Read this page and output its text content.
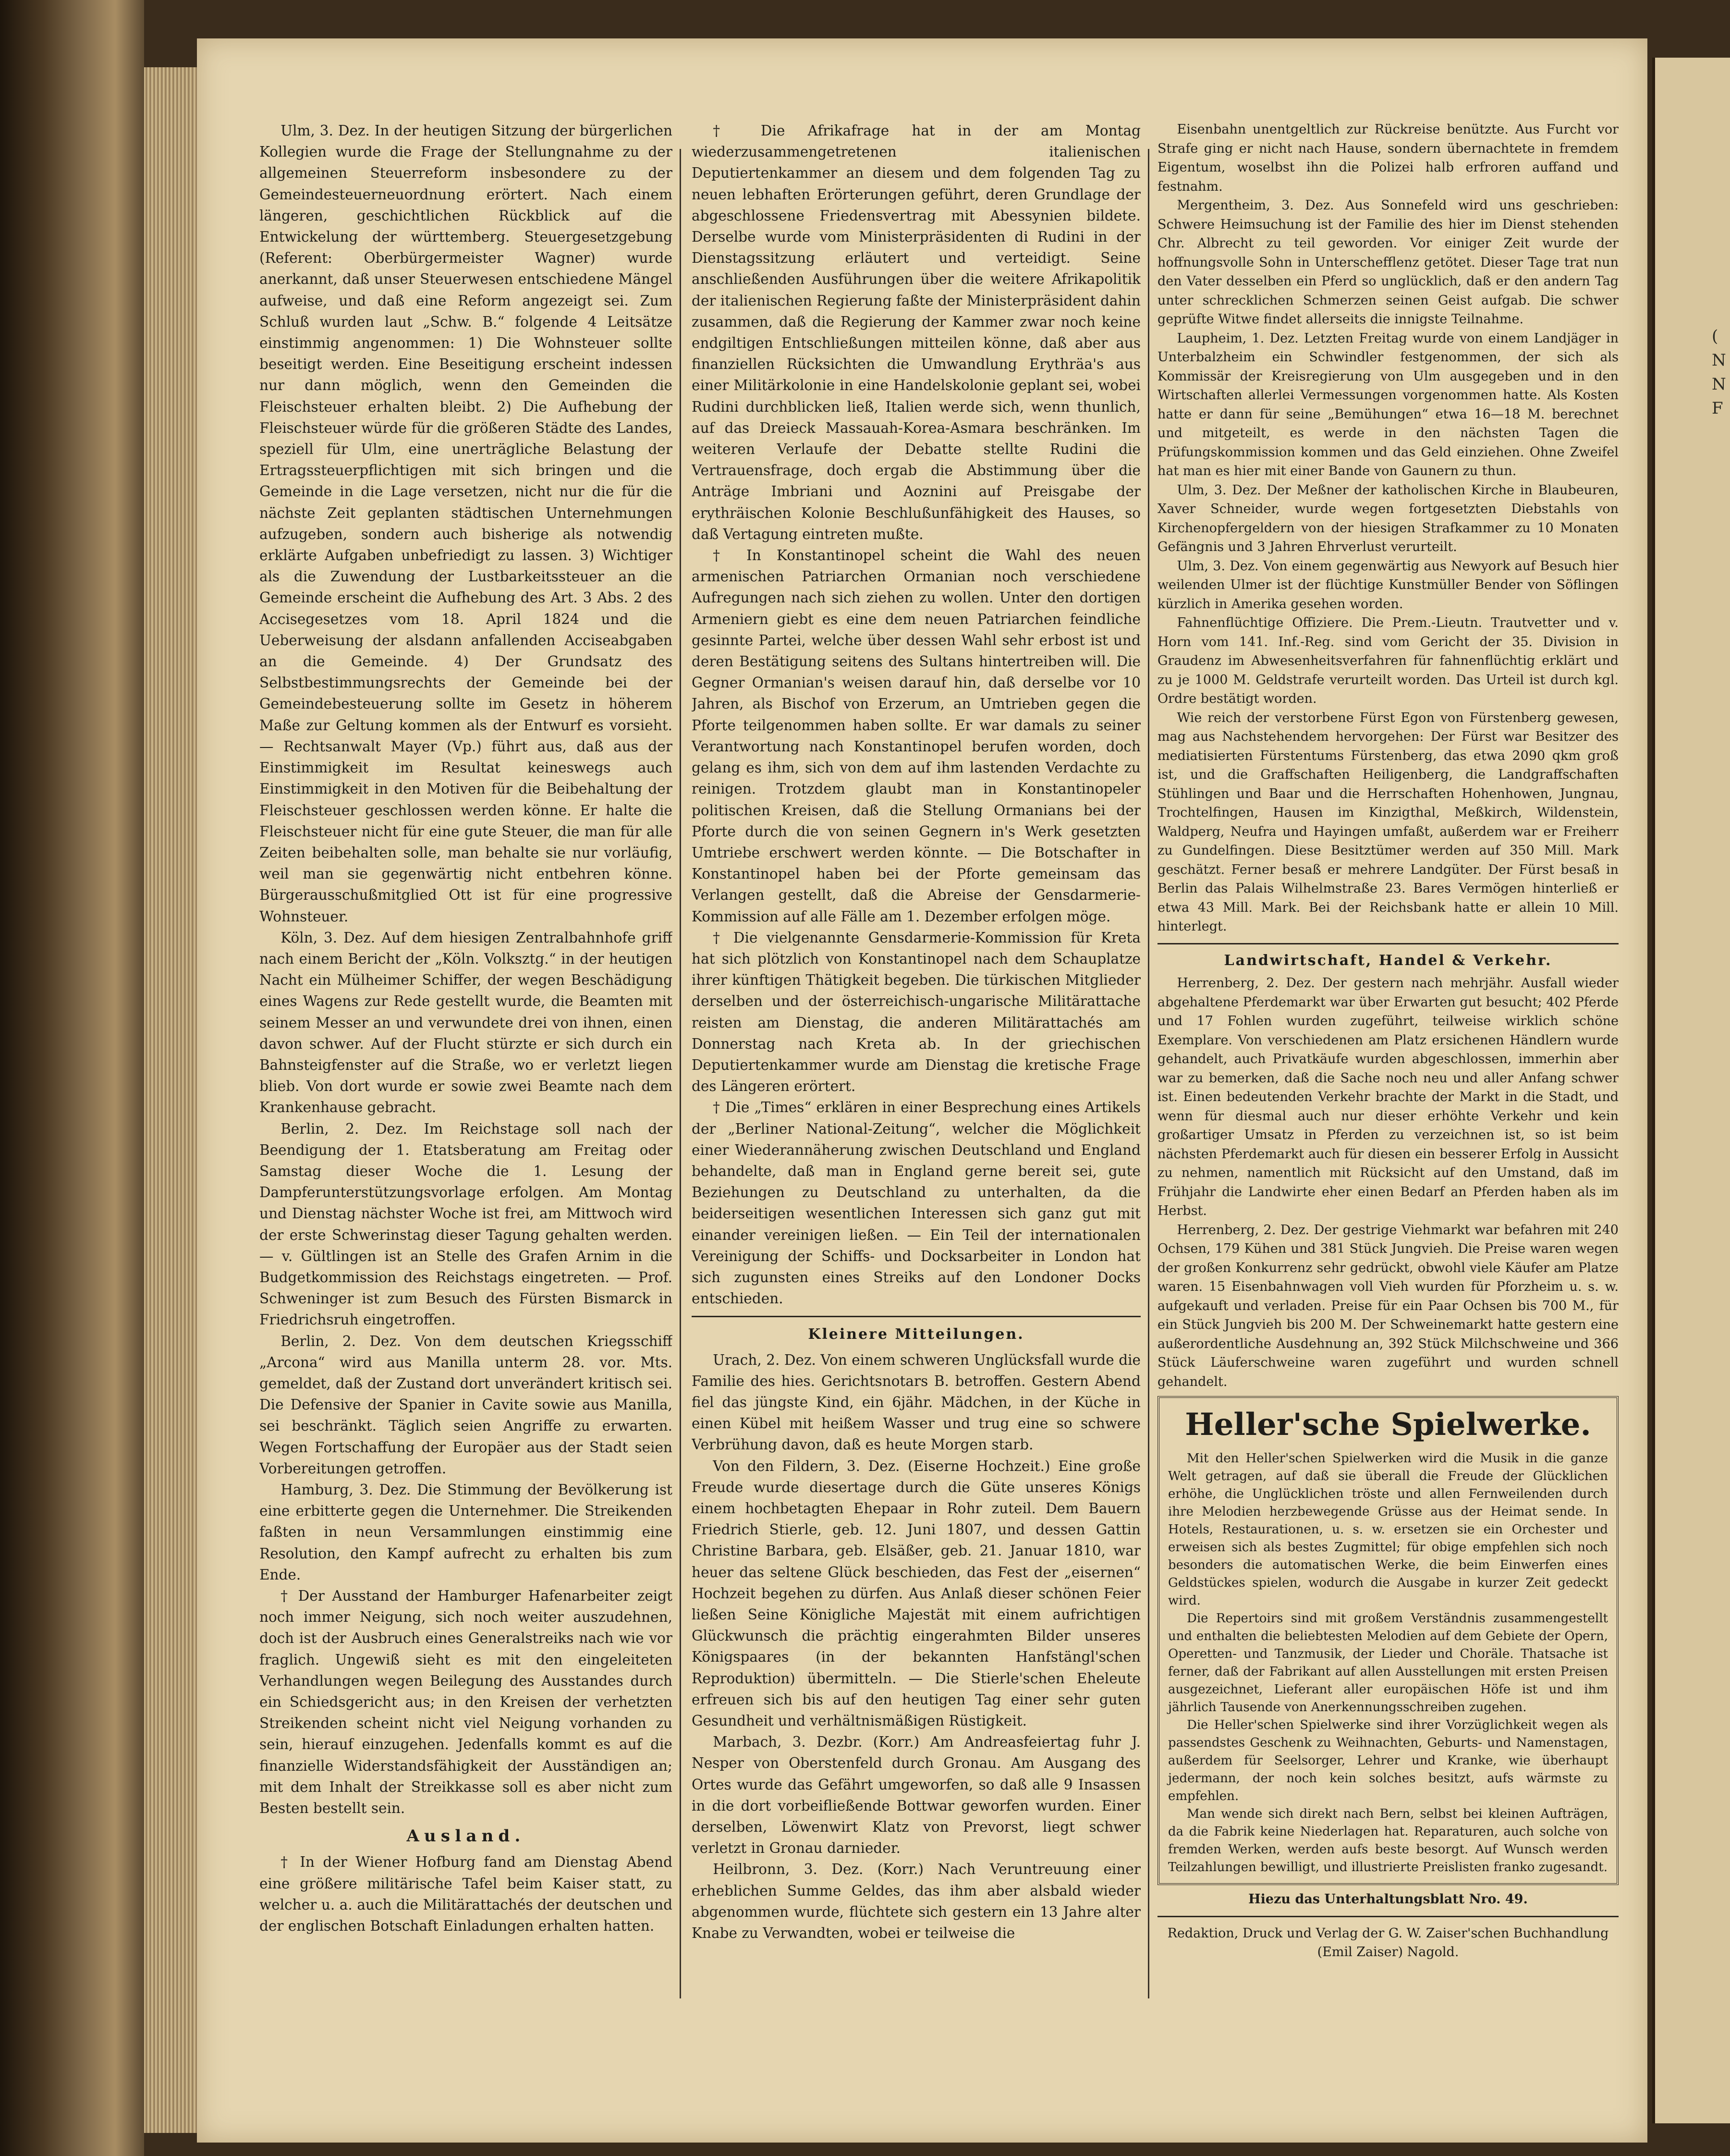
Ulm, 3. Dez. In der heutigen Sitzung der bürgerlichen Kollegien wurde die Frage der Stellungnahme zu der allgemeinen Steuerreform insbesondere zu der Gemeindesteuerneuordnung erörtert. Nach einem längeren, geschichtlichen Rückblick auf die Entwickelung der württemberg. Steuergesetzgebung (Referent: Oberbürgermeister Wagner) wurde anerkannt, daß unser Steuerwesen entschiedene Mängel aufweise, und daß eine Reform angezeigt sei. Zum Schluß wurden laut „Schw. B.“ folgende 4 Leitsätze einstimmig angenommen: 1) Die Wohnsteuer sollte beseitigt werden. Eine Beseitigung erscheint indessen nur dann möglich, wenn den Gemeinden die Fleischsteuer erhalten bleibt. 2) Die Aufhebung der Fleischsteuer würde für die größeren Städte des Landes, speziell für Ulm, eine unerträgliche Belastung der Ertragssteuerpflichtigen mit sich bringen und die Gemeinde in die Lage versetzen, nicht nur die für die nächste Zeit geplanten städtischen Unternehmungen aufzugeben, sondern auch bisherige als notwendig erklärte Aufgaben unbefriedigt zu lassen. 3) Wichtiger als die Zuwendung der Lustbarkeitssteuer an die Gemeinde erscheint die Aufhebung des Art. 3 Abs. 2 des Accisegesetzes vom 18. April 1824 und die Ueberweisung der alsdann anfallenden Acciseabgaben an die Gemeinde. 4) Der Grundsatz des Selbstbestimmungsrechts der Gemeinde bei der Gemeindebesteuerung sollte im Gesetz in höherem Maße zur Geltung kommen als der Entwurf es vorsieht. — Rechtsanwalt Mayer (Vp.) führt aus, daß aus der Einstimmigkeit im Resultat keineswegs auch Einstimmigkeit in den Motiven für die Beibehaltung der Fleischsteuer geschlossen werden könne. Er halte die Fleischsteuer nicht für eine gute Steuer, die man für alle Zeiten beibehalten solle, man behalte sie nur vorläufig, weil man sie gegenwärtig nicht entbehren könne. Bürgerausschußmitglied Ott ist für eine progressive Wohnsteuer.

Köln, 3. Dez. Auf dem hiesigen Zentralbahnhofe griff nach einem Bericht der „Köln. Volksztg.“ in der heutigen Nacht ein Mülheimer Schiffer, der wegen Beschädigung eines Wagens zur Rede gestellt wurde, die Beamten mit seinem Messer an und verwundete drei von ihnen, einen davon schwer. Auf der Flucht stürzte er sich durch ein Bahnsteigfenster auf die Straße, wo er verletzt liegen blieb. Von dort wurde er sowie zwei Beamte nach dem Krankenhause gebracht.

Berlin, 2. Dez. Im Reichstage soll nach der Beendigung der 1. Etatsberatung am Freitag oder Samstag dieser Woche die 1. Lesung der Dampferunterstützungsvorlage erfolgen. Am Montag und Dienstag nächster Woche ist frei, am Mittwoch wird der erste Schwerinstag dieser Tagung gehalten werden. — v. Gültlingen ist an Stelle des Grafen Arnim in die Budgetkommission des Reichstags eingetreten. — Prof. Schweninger ist zum Besuch des Fürsten Bismarck in Friedrichsruh eingetroffen.

Berlin, 2. Dez. Von dem deutschen Kriegsschiff „Arcona“ wird aus Manilla unterm 28. vor. Mts. gemeldet, daß der Zustand dort unverändert kritisch sei. Die Defensive der Spanier in Cavite sowie aus Manilla, sei beschränkt. Täglich seien Angriffe zu erwarten. Wegen Fortschaffung der Europäer aus der Stadt seien Vorbereitungen getroffen.

Hamburg, 3. Dez. Die Stimmung der Bevölkerung ist eine erbitterte gegen die Unternehmer. Die Streikenden faßten in neun Versammlungen einstimmig eine Resolution, den Kampf aufrecht zu erhalten bis zum Ende.

† Der Ausstand der Hamburger Hafenarbeiter zeigt noch immer Neigung, sich noch weiter auszudehnen, doch ist der Ausbruch eines Generalstreiks nach wie vor fraglich. Ungewiß sieht es mit den eingeleiteten Verhandlungen wegen Beilegung des Ausstandes durch ein Schiedsgericht aus; in den Kreisen der verhetzten Streikenden scheint nicht viel Neigung vorhanden zu sein, hierauf einzugehen. Jedenfalls kommt es auf die finanzielle Widerstandsfähigkeit der Ausständigen an; mit dem Inhalt der Streikkasse soll es aber nicht zum Besten bestellt sein.

Ausland.

† In der Wiener Hofburg fand am Dienstag Abend eine größere militärische Tafel beim Kaiser statt, zu welcher u. a. auch die Militärattachés der deutschen und der englischen Botschaft Einladungen erhalten hatten.

† Die Afrikafrage hat in der am Montag wiederzusammengetretenen italienischen Deputiertenkammer an diesem und dem folgenden Tag zu neuen lebhaften Erörterungen geführt, deren Grundlage der abgeschlossene Friedensvertrag mit Abessynien bildete. Derselbe wurde vom Ministerpräsidenten di Rudini in der Dienstagssitzung erläutert und verteidigt. Seine anschließenden Ausführungen über die weitere Afrikapolitik der italienischen Regierung faßte der Ministerpräsident dahin zusammen, daß die Regierung der Kammer zwar noch keine endgiltigen Entschließungen mitteilen könne, daß aber aus finanziellen Rücksichten die Umwandlung Erythräa's aus einer Militärkolonie in eine Handelskolonie geplant sei, wobei Rudini durchblicken ließ, Italien werde sich, wenn thunlich, auf das Dreieck Massauah-Korea-Asmara beschränken. Im weiteren Verlaufe der Debatte stellte Rudini die Vertrauensfrage, doch ergab die Abstimmung über die Anträge Imbriani und Aoznini auf Preisgabe der erythräischen Kolonie Beschlußunfähigkeit des Hauses, so daß Vertagung eintreten mußte.

† In Konstantinopel scheint die Wahl des neuen armenischen Patriarchen Ormanian noch verschiedene Aufregungen nach sich ziehen zu wollen. Unter den dortigen Armeniern giebt es eine dem neuen Patriarchen feindliche gesinnte Partei, welche über dessen Wahl sehr erbost ist und deren Bestätigung seitens des Sultans hintertreiben will. Die Gegner Ormanian's weisen darauf hin, daß derselbe vor 10 Jahren, als Bischof von Erzerum, an Umtrieben gegen die Pforte teilgenommen haben sollte. Er war damals zu seiner Verantwortung nach Konstantinopel berufen worden, doch gelang es ihm, sich von dem auf ihm lastenden Verdachte zu reinigen. Trotzdem glaubt man in Konstantinopeler politischen Kreisen, daß die Stellung Ormanians bei der Pforte durch die von seinen Gegnern in's Werk gesetzten Umtriebe erschwert werden könnte. — Die Botschafter in Konstantinopel haben bei der Pforte gemeinsam das Verlangen gestellt, daß die Abreise der Gensdarmerie-Kommission auf alle Fälle am 1. Dezember erfolgen möge.

† Die vielgenannte Gensdarmerie-Kommission für Kreta hat sich plötzlich von Konstantinopel nach dem Schauplatze ihrer künftigen Thätigkeit begeben. Die türkischen Mitglieder derselben und der österreichisch-ungarische Militärattache reisten am Dienstag, die anderen Militärattachés am Donnerstag nach Kreta ab. In der griechischen Deputiertenkammer wurde am Dienstag die kretische Frage des Längeren erörtert.

† Die „Times“ erklären in einer Besprechung eines Artikels der „Berliner National-Zeitung“, welcher die Möglichkeit einer Wiederannäherung zwischen Deutschland und England behandelte, daß man in England gerne bereit sei, gute Beziehungen zu Deutschland zu unterhalten, da die beiderseitigen wesentlichen Interessen sich ganz gut mit einander vereinigen ließen. — Ein Teil der internationalen Vereinigung der Schiffs- und Docksarbeiter in London hat sich zugunsten eines Streiks auf den Londoner Docks entschieden.

Kleinere Mitteilungen.

Urach, 2. Dez. Von einem schweren Unglücksfall wurde die Familie des hies. Gerichtsnotars B. betroffen. Gestern Abend fiel das jüngste Kind, ein 6jähr. Mädchen, in der Küche in einen Kübel mit heißem Wasser und trug eine so schwere Verbrühung davon, daß es heute Morgen starb.

Von den Fildern, 3. Dez. (Eiserne Hochzeit.) Eine große Freude wurde diesertage durch die Güte unseres Königs einem hochbetagten Ehepaar in Rohr zuteil. Dem Bauern Friedrich Stierle, geb. 12. Juni 1807, und dessen Gattin Christine Barbara, geb. Elsäßer, geb. 21. Januar 1810, war heuer das seltene Glück beschieden, das Fest der „eisernen“ Hochzeit begehen zu dürfen. Aus Anlaß dieser schönen Feier ließen Seine Königliche Majestät mit einem aufrichtigen Glückwunsch die prächtig eingerahmten Bilder unseres Königspaares (in der bekannten Hanfstängl'schen Reproduktion) übermitteln. — Die Stierle'schen Eheleute erfreuen sich bis auf den heutigen Tag einer sehr guten Gesundheit und verhältnismäßigen Rüstigkeit.

Marbach, 3. Dezbr. (Korr.) Am Andreasfeiertag fuhr J. Nesper von Oberstenfeld durch Gronau. Am Ausgang des Ortes wurde das Gefährt umgeworfen, so daß alle 9 Insassen in die dort vorbeifließende Bottwar geworfen wurden. Einer derselben, Löwenwirt Klatz von Prevorst, liegt schwer verletzt in Gronau darnieder.

Heilbronn, 3. Dez. (Korr.) Nach Veruntreuung einer erheblichen Summe Geldes, das ihm aber alsbald wieder abgenommen wurde, flüchtete sich gestern ein 13 Jahre alter Knabe zu Verwandten, wobei er teilweise die

Eisenbahn unentgeltlich zur Rückreise benützte. Aus Furcht vor Strafe ging er nicht nach Hause, sondern übernachtete in fremdem Eigentum, woselbst ihn die Polizei halb erfroren auffand und festnahm.

Mergentheim, 3. Dez. Aus Sonnefeld wird uns geschrieben: Schwere Heimsuchung ist der Familie des hier im Dienst stehenden Chr. Albrecht zu teil geworden. Vor einiger Zeit wurde der hoffnungsvolle Sohn in Unterschefflenz getötet. Dieser Tage trat nun den Vater desselben ein Pferd so unglücklich, daß er den andern Tag unter schrecklichen Schmerzen seinen Geist aufgab. Die schwer geprüfte Witwe findet allerseits die innigste Teilnahme.

Laupheim, 1. Dez. Letzten Freitag wurde von einem Landjäger in Unterbalzheim ein Schwindler festgenommen, der sich als Kommissär der Kreisregierung von Ulm ausgegeben und in den Wirtschaften allerlei Vermessungen vorgenommen hatte. Als Kosten hatte er dann für seine „Bemühungen“ etwa 16—18 M. berechnet und mitgeteilt, es werde in den nächsten Tagen die Prüfungskommission kommen und das Geld einziehen. Ohne Zweifel hat man es hier mit einer Bande von Gaunern zu thun.

Ulm, 3. Dez. Der Meßner der katholischen Kirche in Blaubeuren, Xaver Schneider, wurde wegen fortgesetzten Diebstahls von Kirchenopfergeldern von der hiesigen Strafkammer zu 10 Monaten Gefängnis und 3 Jahren Ehrverlust verurteilt.

Ulm, 3. Dez. Von einem gegenwärtig aus Newyork auf Besuch hier weilenden Ulmer ist der flüchtige Kunstmüller Bender von Söflingen kürzlich in Amerika gesehen worden.

Fahnenflüchtige Offiziere. Die Prem.-Lieutn. Trautvetter und v. Horn vom 141. Inf.-Reg. sind vom Gericht der 35. Division in Graudenz im Abwesenheitsverfahren für fahnenflüchtig erklärt und zu je 1000 M. Geldstrafe verurteilt worden. Das Urteil ist durch kgl. Ordre bestätigt worden.

Wie reich der verstorbene Fürst Egon von Fürstenberg gewesen, mag aus Nachstehendem hervorgehen: Der Fürst war Besitzer des mediatisierten Fürstentums Fürstenberg, das etwa 2090 qkm groß ist, und die Graffschaften Heiligenberg, die Landgraffschaften Stühlingen und Baar und die Herrschaften Hohenhowen, Jungnau, Trochtelfingen, Hausen im Kinzigthal, Meßkirch, Wildenstein, Waldperg, Neufra und Hayingen umfaßt, außerdem war er Freiherr zu Gundelfingen. Diese Besitztümer werden auf 350 Mill. Mark geschätzt. Ferner besaß er mehrere Landgüter. Der Fürst besaß in Berlin das Palais Wilhelmstraße 23. Bares Vermögen hinterließ er etwa 43 Mill. Mark. Bei der Reichsbank hatte er allein 10 Mill. hinterlegt.

Landwirtschaft, Handel & Verkehr.

Herrenberg, 2. Dez. Der gestern nach mehrjähr. Ausfall wieder abgehaltene Pferdemarkt war über Erwarten gut besucht; 402 Pferde und 17 Fohlen wurden zugeführt, teilweise wirklich schöne Exemplare. Von verschiedenen am Platz ersichenen Händlern wurde gehandelt, auch Privatkäufe wurden abgeschlossen, immerhin aber war zu bemerken, daß die Sache noch neu und aller Anfang schwer ist. Einen bedeutenden Verkehr brachte der Markt in die Stadt, und wenn für diesmal auch nur dieser erhöhte Verkehr und kein großartiger Umsatz in Pferden zu verzeichnen ist, so ist beim nächsten Pferdemarkt auch für diesen ein besserer Erfolg in Aussicht zu nehmen, namentlich mit Rücksicht auf den Umstand, daß im Frühjahr die Landwirte eher einen Bedarf an Pferden haben als im Herbst.

Herrenberg, 2. Dez. Der gestrige Viehmarkt war befahren mit 240 Ochsen, 179 Kühen und 381 Stück Jungvieh. Die Preise waren wegen der großen Konkurrenz sehr gedrückt, obwohl viele Käufer am Platze waren. 15 Eisenbahnwagen voll Vieh wurden für Pforzheim u. s. w. aufgekauft und verladen. Preise für ein Paar Ochsen bis 700 M., für ein Stück Jungvieh bis 200 M. Der Schweinemarkt hatte gestern eine außerordentliche Ausdehnung an, 392 Stück Milchschweine und 366 Stück Läuferschweine waren zugeführt und wurden schnell gehandelt.

Heller'sche Spielwerke.

Mit den Heller'schen Spielwerken wird die Musik in die ganze Welt getragen, auf daß sie überall die Freude der Glücklichen erhöhe, die Unglücklichen tröste und allen Fernweilenden durch ihre Melodien herzbewegende Grüsse aus der Heimat sende. In Hotels, Restaurationen, u. s. w. ersetzen sie ein Orchester und erweisen sich als bestes Zugmittel; für obige empfehlen sich noch besonders die automatischen Werke, die beim Einwerfen eines Geldstückes spielen, wodurch die Ausgabe in kurzer Zeit gedeckt wird.

Die Repertoirs sind mit großem Verständnis zusammengestellt und enthalten die beliebtesten Melodien auf dem Gebiete der Opern, Operetten- und Tanzmusik, der Lieder und Choräle. Thatsache ist ferner, daß der Fabrikant auf allen Ausstellungen mit ersten Preisen ausgezeichnet, Lieferant aller europäischen Höfe ist und ihm jährlich Tausende von Anerkennungsschreiben zugehen.

Die Heller'schen Spielwerke sind ihrer Vorzüglichkeit wegen als passendstes Geschenk zu Weihnachten, Geburts- und Namenstagen, außerdem für Seelsorger, Lehrer und Kranke, wie überhaupt jedermann, der noch kein solches besitzt, aufs wärmste zu empfehlen.

Man wende sich direkt nach Bern, selbst bei kleinen Aufträgen, da die Fabrik keine Niederlagen hat. Reparaturen, auch solche von fremden Werken, werden aufs beste besorgt. Auf Wunsch werden Teilzahlungen bewilligt, und illustrierte Preislisten franko zugesandt.

Hiezu das Unterhaltungsblatt Nro. 49.

Redaktion, Druck und Verlag der G. W. Zaiser'schen Buchhandlung (Emil Zaiser) Nagold.

(
N
N
F
